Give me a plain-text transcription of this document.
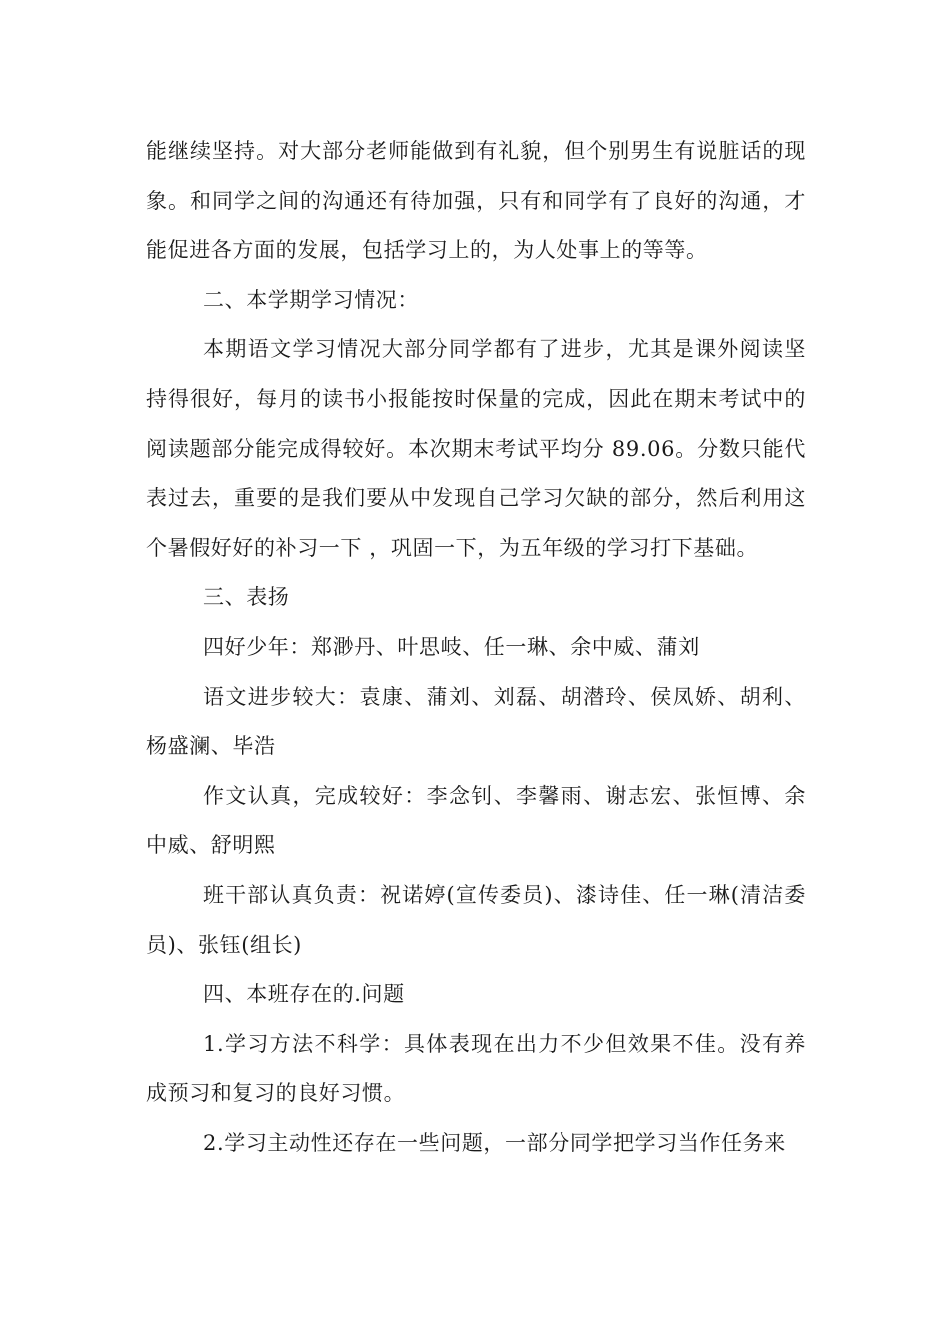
能继续坚持。对大部分老师能做到有礼貌，但个别男生有说脏话的现象。和同学之间的沟通还有待加强，只有和同学有了良好的沟通，才能促进各方面的发展，包括学习上的，为人处事上的等等。

二、本学期学习情况：

本期语文学习情况大部分同学都有了进步，尤其是课外阅读坚持得很好，每月的读书小报能按时保量的完成，因此在期末考试中的阅读题部分能完成得较好。本次期末考试平均分 89.06。分数只能代表过去，重要的是我们要从中发现自己学习欠缺的部分，然后利用这个暑假好好的补习一下 ，巩固一下，为五年级的学习打下基础。

三、表扬

四好少年：郑渺丹、叶思岐、任一琳、余中威、蒲刘

语文进步较大：袁康、蒲刘、刘磊、胡潜玲、侯凤娇、胡利、杨盛澜、毕浩

作文认真，完成较好：李念钊、李馨雨、谢志宏、张恒博、余中威、舒明熙

班干部认真负责：祝诺婷(宣传委员)、漆诗佳、任一琳(清洁委员)、张钰(组长)

四、本班存在的.问题

1.学习方法不科学：具体表现在出力不少但效果不佳。没有养成预习和复习的良好习惯。

2.学习主动性还存在一些问题，一部分同学把学习当作任务来
